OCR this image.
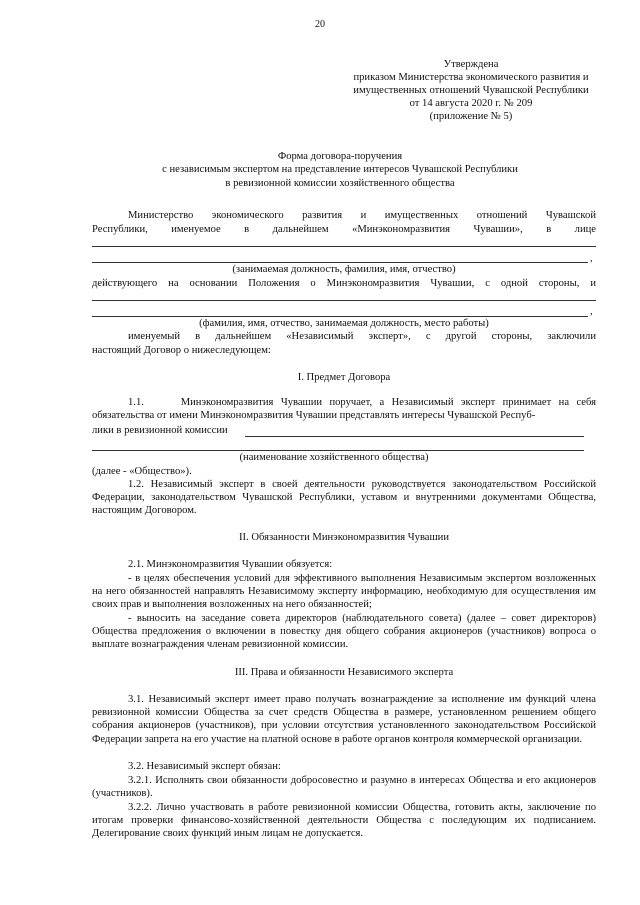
20
Утверждена
приказом Министерства экономического развития и
имущественных отношений Чувашской Республики
от 14 августа 2020 г. № 209
(приложение № 5)
Форма договора-поручения
с независимым экспертом на представление интересов Чувашской Республики
в ревизионной комиссии хозяйственного общества

Министерство экономического развития и имущественных отношений Чувашской

Республики, именуемое в дальнейшем «Минэкономразвития Чувашии», в лице
,
(занимаемая должность, фамилия, имя, отчество)

действующего на основании Положения о Минэкономразвития Чувашии, с одной стороны, и

,
(фамилия, имя, отчество, занимаемая должность, место работы)

именуемый в дальнейшем «Независимый эксперт», с другой стороны, заключили

настоящий Договор о нижеследующем:

I. Предмет Договора

1.1.	Минэкономразвития Чувашии поручает, а Независимый эксперт принимает на себя обязательства от имени Минэкономразвития Чувашии представлять интересы Чувашской Респуб-

лики в ревизионной комиссии
(наименование хозяйственного общества)
(далее - «Общество»).

1.2. Независимый эксперт в своей деятельности руководствуется законодательством Российской Федерации, законодательством Чувашской Республики, уставом и внутренними документами Общества, настоящим Договором.

II. Обязанности Минэкономразвития Чувашии

2.1. Минэкономразвития Чувашии обязуется:

- в целях обеспечения условий для эффективного выполнения Независимым экспертом возложенных на него обязанностей направлять Независимому эксперту информацию, необходимую для осуществления им своих прав и выполнения возложенных на него обязанностей;

- выносить на заседание совета директоров (наблюдательного совета) (далее – совет директоров) Общества предложения о включении в повестку дня общего собрания акционеров (участников) вопроса о выплате вознаграждения членам ревизионной комиссии.

III. Права и обязанности Независимого эксперта

3.1. Независимый эксперт имеет право получать вознаграждение за исполнение им функций члена ревизионной комиссии Общества за счет средств Общества в размере, установленном решением общего собрания акционеров (участников), при условии отсутствия установленного законодательством Российской Федерации запрета на его участие на платной основе в работе органов контроля коммерческой организации.

3.2. Независимый эксперт обязан:

3.2.1. Исполнять свои обязанности добросовестно и разумно в интересах Общества и его акционеров (участников).

3.2.2. Лично участвовать в работе ревизионной комиссии Общества, готовить акты, заключение по итогам проверки финансово-хозяйственной деятельности Общества с последующим их подписанием. Делегирование своих функций иным лицам не допускается.
